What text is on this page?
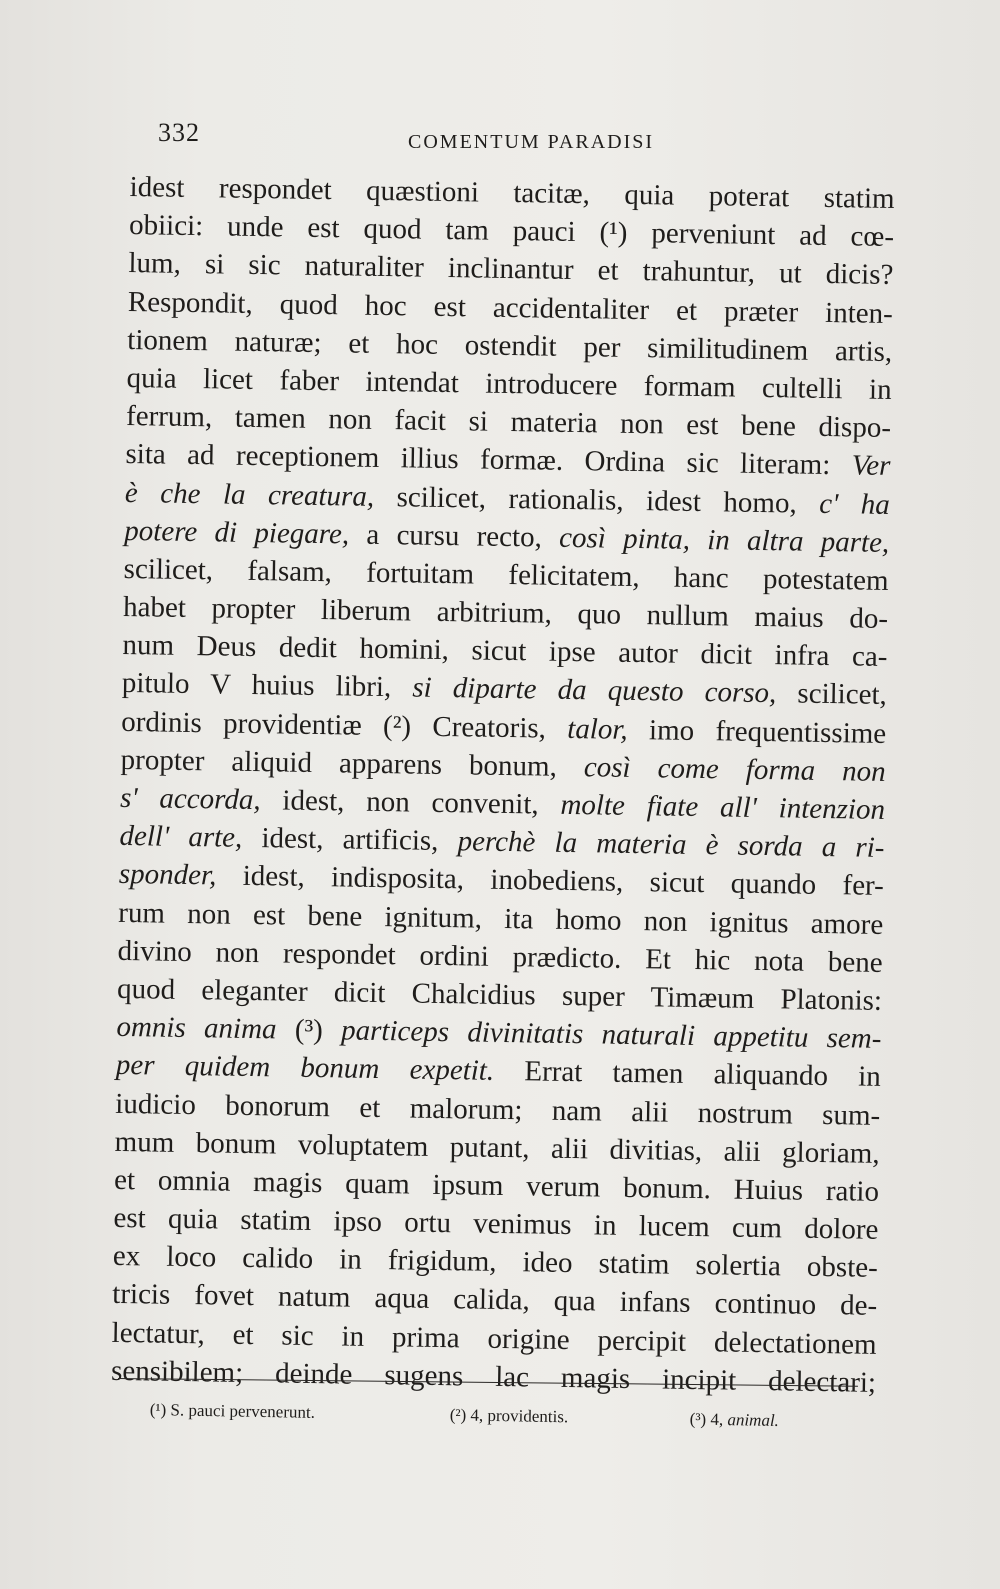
332	COMENTUM PARADISI
idest respondet quæstioni tacitæ, quia poterat statim
obiici: unde est quod tam pauci (¹) perveniunt ad cœ-
lum, si sic naturaliter inclinantur et trahuntur, ut dicis?
Respondit, quod hoc est accidentaliter et præter inten-
tionem naturæ; et hoc ostendit per similitudinem artis,
quia licet faber intendat introducere formam cultelli in
ferrum, tamen non facit si materia non est bene dispo-
sita ad receptionem illius formæ. Ordina sic literam: Ver
è che la creatura, scilicet, rationalis, idest homo, c' ha
potere di piegare, a cursu recto, così pinta, in altra parte,
scilicet, falsam, fortuitam felicitatem, hanc potestatem
habet propter liberum arbitrium, quo nullum maius do-
num Deus dedit homini, sicut ipse autor dicit infra ca-
pitulo V huius libri, si diparte da questo corso, scilicet,
ordinis providentiæ (²) Creatoris, talor, imo frequentissime
propter aliquid apparens bonum, così come forma non
s' accorda, idest, non convenit, molte fiate all' intenzion
dell' arte, idest, artificis, perchè la materia è sorda a ri-
sponder, idest, indisposita, inobediens, sicut quando fer-
rum non est bene ignitum, ita homo non ignitus amore
divino non respondet ordini prædicto. Et hic nota bene
quod eleganter dicit Chalcidius super Timæum Platonis:
omnis anima (³) particeps divinitatis naturali appetitu sem-
per quidem bonum expetit. Errat tamen aliquando in
iudicio bonorum et malorum; nam alii nostrum sum-
mum bonum voluptatem putant, alii divitias, alii gloriam,
et omnia magis quam ipsum verum bonum. Huius ratio
est quia statim ipso ortu venimus in lucem cum dolore
ex loco calido in frigidum, ideo statim solertia obste-
tricis fovet natum aqua calida, qua infans continuo de-
lectatur, et sic in prima origine percipit delectationem
sensibilem; deinde sugens lac magis incipit delectari;
(¹) S. pauci pervenerunt.	(²) 4, providentis.	(³) 4, animal.
